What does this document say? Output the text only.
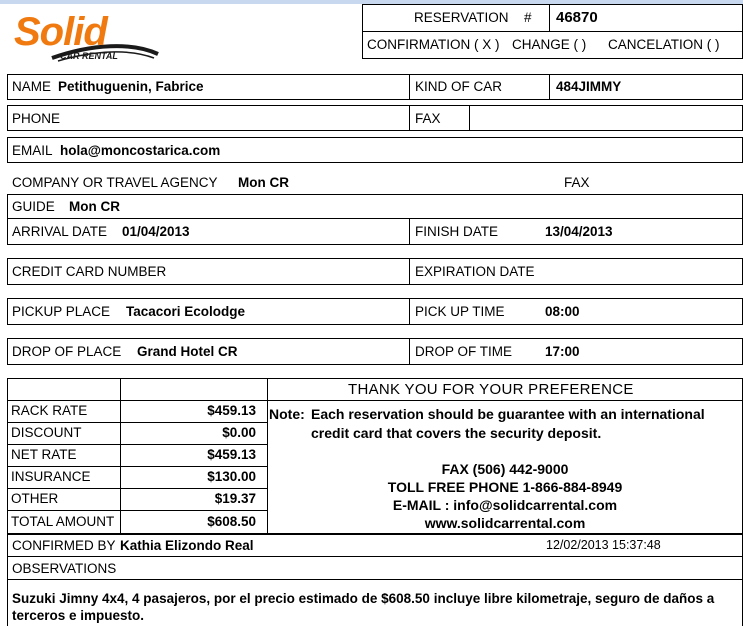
Solid
CAR RENTAL
RESERVATION # 46870
CONFIRMATION ( X ) CHANGE ( ) CANCELATION ( )
NAME Petithuguenin, Fabrice	KIND OF CAR	484JIMMY
PHONE	FAX
EMAIL hola@moncostarica.com
COMPANY OR TRAVEL AGENCY Mon CR	FAX
GUIDE Mon CR
ARRIVAL DATE 01/04/2013	FINISH DATE	13/04/2013
CREDIT CARD NUMBER	EXPIRATION DATE
PICKUP PLACE Tacacori Ecolodge	PICK UP TIME	08:00
DROP OF PLACE Grand Hotel CR	DROP OF TIME 17:00
RACK RATE	$459.13
DISCOUNT	$0.00
NET RATE	$459.13
INSURANCE	$130.00
OTHER	$19.37
TOTAL AMOUNT	$608.50
THANK YOU FOR YOUR PREFERENCE
Note: Each reservation should be guarantee with an international
credit card that covers the security deposit.
FAX (506) 442-9000
TOLL FREE PHONE 1-866-884-8949
E-MAIL : info@solidcarrental.com
www.solidcarrental.com
CONFIRMED BY Kathia Elizondo Real	12/02/2013 15:37:48
OBSERVATIONS
Suzuki Jimny 4x4, 4 pasajeros, por el precio estimado de $608.50 incluye libre kilometraje, seguro de daños a terceros e impuesto.
